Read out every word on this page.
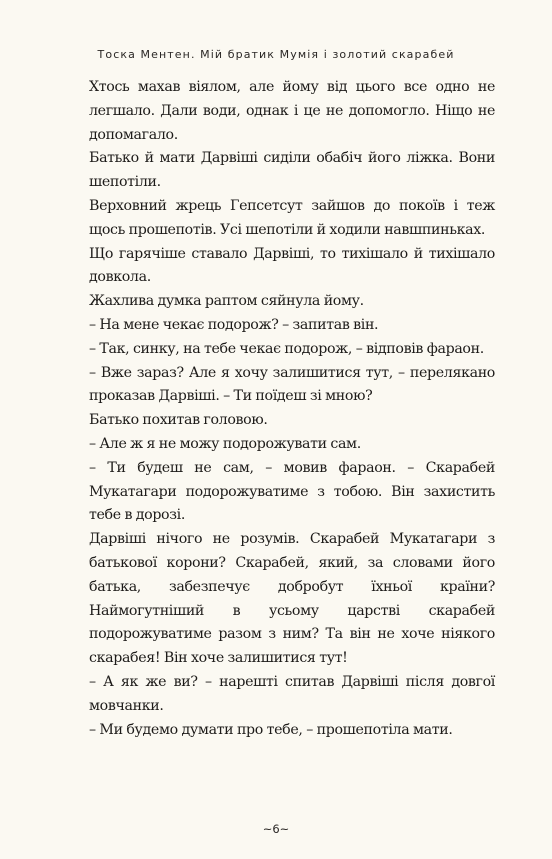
Тоска Ментен. Мій братик Мумія і золотий скарабей

Хтось махав віялом, але йому від цього все одно не легшало. Дали води, однак і це не допомогло. Ніщо не допомагало.

Батько й мати Дарвіші сиділи обабіч його ліжка. Вони шепотіли.

Верховний жрець Гепсетсут зайшов до покоїв і теж щось прошепотів. Усі шепотіли й ходили навшпиньках.

Що гарячіше ставало Дарвіші, то тихішало й тихішало довкола.

Жахлива думка раптом сяйнула йому.

– На мене чекає подорож? – запитав він.

– Так, синку, на тебе чекає подорож, – відповів фараон.

– Вже зараз? Але я хочу залишитися тут, – перелякано проказав Дарвіші. – Ти поїдеш зі мною?

Батько похитав головою.

– Але ж я не можу подорожувати сам.

– Ти будеш не сам, – мовив фараон. – Скарабей Мукатагари подорожуватиме з тобою. Він захистить тебе в дорозі.

Дарвіші нічого не розумів. Скарабей Мукатагари з батькової корони? Скарабей, який, за словами його батька, забезпечує добробут їхньої країни? Наймогутніший в усьому царстві скарабей подорожуватиме разом з ним? Та він не хоче ніякого скарабея! Він хоче залишитися тут!

– А як же ви? – нарешті спитав Дарвіші після довгої мовчанки.

– Ми будемо думати про тебе, – прошепотіла мати.

~6~
